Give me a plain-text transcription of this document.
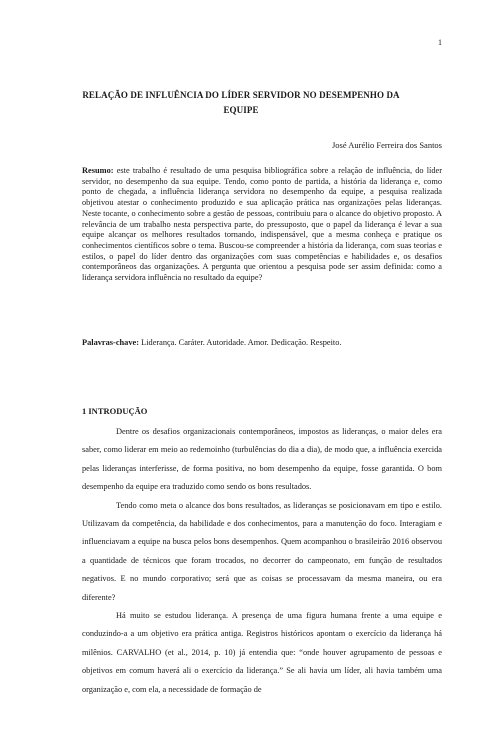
1
RELAÇÃO DE INFLUÊNCIA DO LÍDER SERVIDOR NO DESEMPENHO DA EQUIPE
José Aurélio Ferreira dos Santos
Resumo: este trabalho é resultado de uma pesquisa bibliográfica sobre a relação de influência, do líder servidor, no desempenho da sua equipe. Tendo, como ponto de partida, a história da liderança e, como ponto de chegada, a influência liderança servidora no desempenho da equipe, a pesquisa realizada objetivou atestar o conhecimento produzido e sua aplicação prática nas organizações pelas lideranças. Neste tocante, o conhecimento sobre a gestão de pessoas, contribuiu para o alcance do objetivo proposto. A relevância de um trabalho nesta perspectiva parte, do pressuposto, que o papel da liderança é levar a sua equipe alcançar os melhores resultados tornando, indispensável, que a mesma conheça e pratique os conhecimentos científicos sobre o tema. Buscou-se compreender a história da liderança, com suas teorias e estilos, o papel do líder dentro das organizações com suas competências e habilidades e, os desafios contemporâneos das organizações. A pergunta que orientou a pesquisa pode ser assim definida: como a liderança servidora influência no resultado da equipe?
Palavras-chave: Liderança. Caráter. Autoridade. Amor. Dedicação. Respeito.
1 INTRODUÇÃO

Dentre os desafios organizacionais contemporâneos, impostos as lideranças, o maior deles era saber, como liderar em meio ao redemoinho (turbulências do dia a dia), de modo que, a influência exercida pelas lideranças interferisse, de forma positiva, no bom desempenho da equipe, fosse garantida. O bom desempenho da equipe era traduzido como sendo os bons resultados.

Tendo como meta o alcance dos bons resultados, as lideranças se posicionavam em tipo e estilo. Utilizavam da competência, da habilidade e dos conhecimentos, para a manutenção do foco. Interagiam e influenciavam a equipe na busca pelos bons desempenhos. Quem acompanhou o brasileirão 2016 observou a quantidade de técnicos que foram trocados, no decorrer do campeonato, em função de resultados negativos. E no mundo corporativo; será que as coisas se processavam da mesma maneira, ou era diferente?

Há muito se estudou liderança. A presença de uma figura humana frente a uma equipe e conduzindo-a a um objetivo era prática antiga. Registros históricos apontam o exercício da liderança há milênios. CARVALHO (et al., 2014, p. 10) já entendia que: “onde houver agrupamento de pessoas e objetivos em comum haverá ali o exercício da liderança.” Se ali havia um líder, ali havia também uma organização e, com ela, a necessidade de formação de
